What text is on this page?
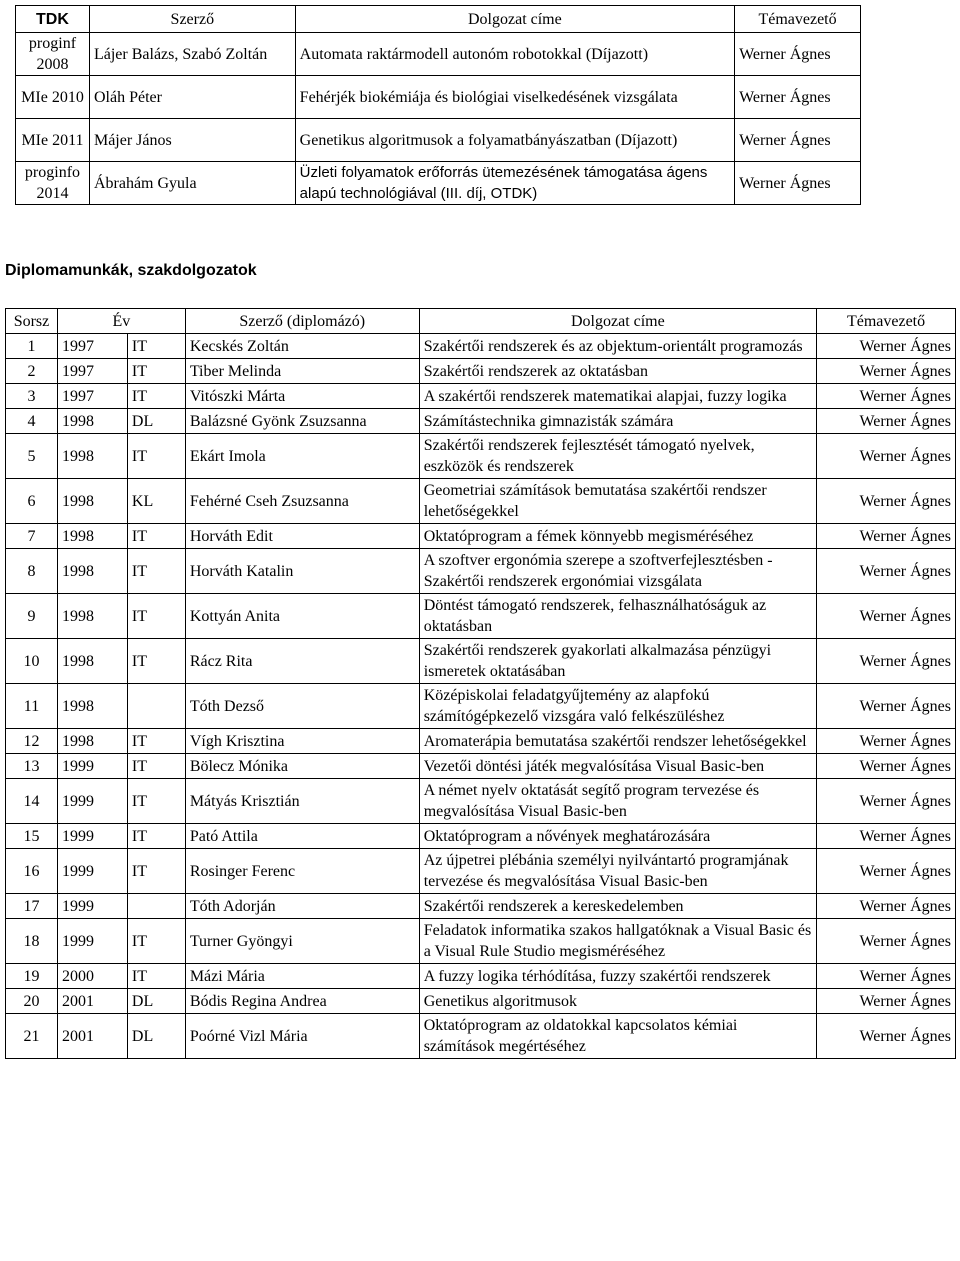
TDK	Szerző	Dolgozat címe	Témavezető
proginf 2008	Lájer Balázs, Szabó Zoltán	Automata raktármodell autonóm robotokkal (Díjazott)	Werner Ágnes
MIe 2010	Oláh Péter	Fehérjék biokémiája és biológiai viselkedésének vizsgálata	Werner Ágnes
MIe 2011	Májer János	Genetikus algoritmusok a folyamatbányászatban (Díjazott)	Werner Ágnes
proginfo 2014	Ábrahám Gyula	Üzleti folyamatok erőforrás ütemezésének támogatása ágens alapú technológiával (III. díj, OTDK)	Werner Ágnes
Diplomamunkák, szakdolgozatok
Sorsz	Év		Szerző (diplomázó)	Dolgozat címe	Témavezető
1	1997	IT	Kecskés Zoltán	Szakértői rendszerek és az objektum-orientált programozás	Werner Ágnes
2	1997	IT	Tiber Melinda	Szakértői rendszerek az oktatásban	Werner Ágnes
3	1997	IT	Vitószki Márta	A szakértői rendszerek matematikai alapjai, fuzzy logika	Werner Ágnes
4	1998	DL	Balázsné Gyönk Zsuzsanna	Számítástechnika gimnazisták számára	Werner Ágnes
5	1998	IT	Ekárt Imola	Szakértői rendszerek fejlesztését támogató nyelvek, eszközök és rendszerek	Werner Ágnes
6	1998	KL	Fehérné Cseh Zsuzsanna	Geometriai számítások bemutatása szakértői rendszer lehetőségekkel	Werner Ágnes
7	1998	IT	Horváth Edit	Oktatóprogram a fémek könnyebb megisméréséhez	Werner Ágnes
8	1998	IT	Horváth Katalin	A szoftver ergonómia szerepe a szoftverfejlesztésben - Szakértői rendszerek ergonómiai vizsgálata	Werner Ágnes
9	1998	IT	Kottyán Anita	Döntést támogató rendszerek, felhasználhatóságuk az oktatásban	Werner Ágnes
10	1998	IT	Rácz Rita	Szakértői rendszerek gyakorlati alkalmazása pénzügyi ismeretek oktatásában	Werner Ágnes
11	1998		Tóth Dezső	Középiskolai feladatgyűjtemény az alapfokú számítógépkezelő vizsgára való felkészüléshez	Werner Ágnes
12	1998	IT	Vígh Krisztina	Aromaterápia bemutatása szakértői rendszer lehetőségekkel	Werner Ágnes
13	1999	IT	Bölecz Mónika	Vezetői döntési játék megvalósítása Visual Basic-ben	Werner Ágnes
14	1999	IT	Mátyás Krisztián	A német nyelv oktatását segítő program tervezése és megvalósítása Visual Basic-ben	Werner Ágnes
15	1999	IT	Pató Attila	Oktatóprogram a nővények meghatározására	Werner Ágnes
16	1999	IT	Rosinger Ferenc	Az újpetrei plébánia személyi nyilvántartó programjának tervezése és megvalósítása Visual Basic-ben	Werner Ágnes
17	1999		Tóth Adorján	Szakértői rendszerek a kereskedelemben	Werner Ágnes
18	1999	IT	Turner Gyöngyi	Feladatok informatika szakos hallgatóknak a Visual Basic és a Visual Rule Studio megisméréséhez	Werner Ágnes
19	2000	IT	Mázi Mária	A fuzzy logika térhódítása, fuzzy szakértői rendszerek	Werner Ágnes
20	2001	DL	Bódis Regina Andrea	Genetikus algoritmusok	Werner Ágnes
21	2001	DL	Poórné Vizl Mária	Oktatóprogram az oldatokkal kapcsolatos kémiai számítások megértéséhez	Werner Ágnes
